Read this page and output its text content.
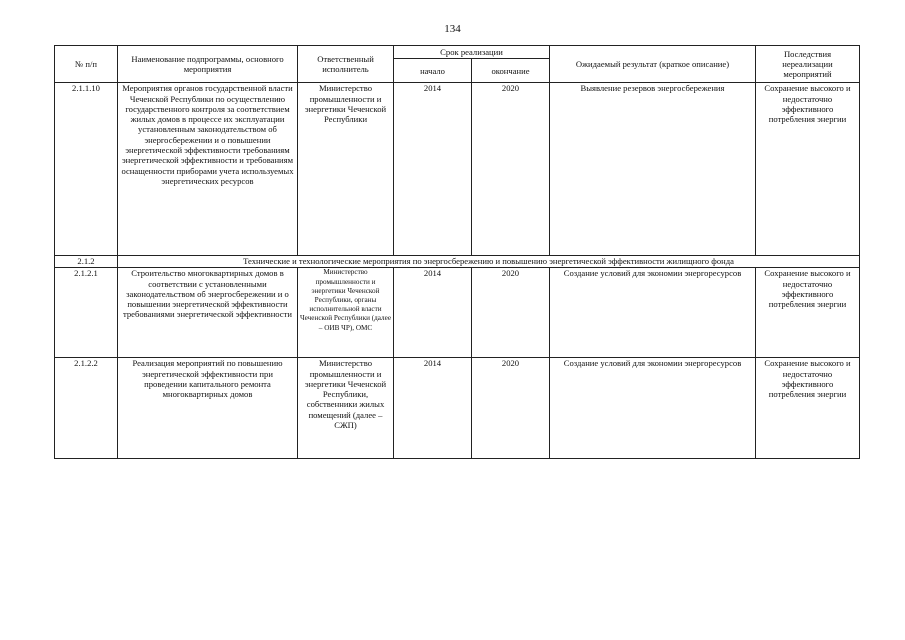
134
№ п/п	Наименование подпрограммы, основного мероприятия	Ответственный исполнитель	Срок реализации		Ожидаемый результат (краткое описание)	Последствия нереализации мероприятий
			начало	окончание		
2.1.1.10	Мероприятия органов государственной власти Чеченской Республики по осуществлению государственного контроля за соответствием жилых домов в процессе их эксплуатации установленным законодательством об энергосбережении и о повышении энергетической эффективности требованиям энергетической эффективности и требованиям оснащенности приборами учета используемых энергетических ресурсов	Министерство промышленности и энергетики Чеченской Республики	2014	2020	Выявление резервов энергосбережения	Сохранение высокого и недостаточно эффективного потребления энергии
2.1.2	Технические и технологические мероприятия по энергосбережению и повышению энергетической эффективности жилищного фонда					
2.1.2.1	Строительство многоквартирных домов в соответствии с установленными законодательством об энергосбережении и о повышении энергетической эффективности требованиями энергетической эффективности	Министерство промышленности и энергетики Чеченской Республики, органы исполнительной власти Чеченской Республики (далее – ОИВ ЧР), ОМС	2014	2020	Создание условий для экономии энергоресурсов	Сохранение высокого и недостаточно эффективного потребления энергии
2.1.2.2	Реализация мероприятий по повышению энергетической эффективности при проведении капитального ремонта многоквартирных домов	Министерство промышленности и энергетики Чеченской Республики, собственники жилых помещений (далее – СЖП)	2014	2020	Создание условий для экономии энергоресурсов	Сохранение высокого и недостаточно эффективного потребления энергии
